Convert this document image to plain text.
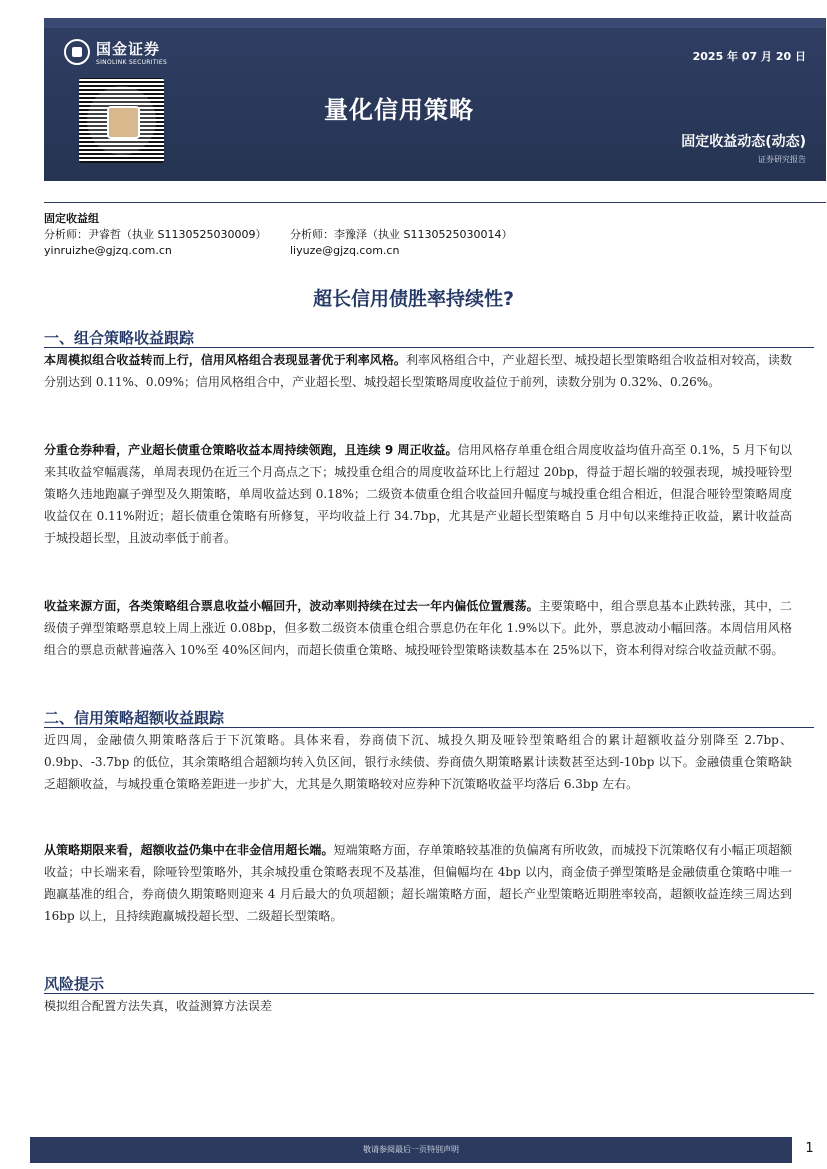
国金证券
SINOLINK SECURITIES	2025 年 07 月 20 日
量化信用策略
固定收益动态(动态)
证券研究报告
固定收益组
分析师：尹睿哲（执业 S1130525030009）	分析师：李豫泽（执业 S1130525030014）
yinruizhe@gjzq.com.cn	liyuze@gjzq.com.cn
超长信用债胜率持续性?
一、组合策略收益跟踪
本周模拟组合收益转而上行，信用风格组合表现显著优于利率风格。利率风格组合中，产业超长型、城投超长型策略组合收益相对较高，读数分别达到 0.11%、0.09%；信用风格组合中，产业超长型、城投超长型策略周度收益位于前列，读数分别为 0.32%、0.26%。
分重仓券种看，产业超长债重仓策略收益本周持续领跑，且连续 9 周正收益。信用风格存单重仓组合周度收益均值升高至 0.1%，5 月下旬以来其收益窄幅震荡，单周表现仍在近三个月高点之下；城投重仓组合的周度收益环比上行超过 20bp，得益于超长端的较强表现，城投哑铃型策略久违地跑赢子弹型及久期策略，单周收益达到 0.18%；二级资本债重仓组合收益回升幅度与城投重仓组合相近，但混合哑铃型策略周度收益仅在 0.11%附近；超长债重仓策略有所修复，平均收益上行 34.7bp，尤其是产业超长型策略自 5 月中旬以来维持正收益，累计收益高于城投超长型，且波动率低于前者。
收益来源方面，各类策略组合票息收益小幅回升，波动率则持续在过去一年内偏低位置震荡。主要策略中，组合票息基本止跌转涨，其中，二级债子弹型策略票息较上周上涨近 0.08bp，但多数二级资本债重仓组合票息仍在年化 1.9%以下。此外，票息波动小幅回落。本周信用风格组合的票息贡献普遍落入 10%至 40%区间内，而超长债重仓策略、城投哑铃型策略读数基本在 25%以下，资本利得对综合收益贡献不弱。
二、信用策略超额收益跟踪
近四周，金融债久期策略落后于下沉策略。具体来看，券商债下沉、城投久期及哑铃型策略组合的累计超额收益分别降至 2.7bp、0.9bp、-3.7bp 的低位，其余策略组合超额均转入负区间，银行永续债、券商债久期策略累计读数甚至达到-10bp 以下。金融债重仓策略缺乏超额收益，与城投重仓策略差距进一步扩大，尤其是久期策略较对应券种下沉策略收益平均落后 6.3bp 左右。
从策略期限来看，超额收益仍集中在非金信用超长端。短端策略方面，存单策略较基准的负偏离有所收敛，而城投下沉策略仅有小幅正项超额收益；中长端来看，除哑铃型策略外，其余城投重仓策略表现不及基准，但偏幅均在 4bp 以内，商金债子弹型策略是金融债重仓策略中唯一跑赢基准的组合，券商债久期策略则迎来 4 月后最大的负项超额；超长端策略方面，超长产业型策略近期胜率较高，超额收益连续三周达到 16bp 以上，且持续跑赢城投超长型、二级超长型策略。
风险提示
模拟组合配置方法失真，收益测算方法误差
敬请参阅最后一页特别声明	1
